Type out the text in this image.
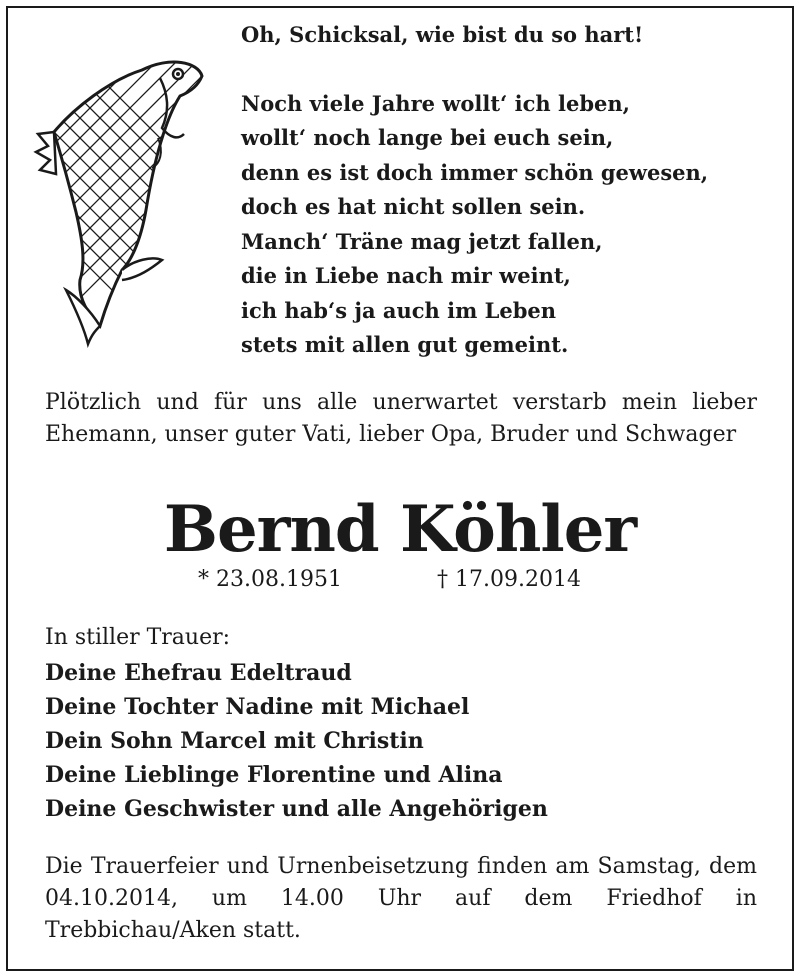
Oh, Schicksal, wie bist du so hart!
Noch viele Jahre wollt‘ ich leben,
wollt‘ noch lange bei euch sein,
denn es ist doch immer schön gewesen,
doch es hat nicht sollen sein.
Manch‘ Träne mag jetzt fallen,
die in Liebe nach mir weint,
ich hab‘s ja auch im Leben
stets mit allen gut gemeint.

Plötzlich und für uns alle unerwartet verstarb mein lieber Ehemann, unser guter Vati, lieber Opa, Bruder und Schwager

Bernd Köhler
* 23.08.1951	† 17.09.2014
In stiller Trauer:
Deine Ehefrau Edeltraud
Deine Tochter Nadine mit Michael
Dein Sohn Marcel mit Christin
Deine Lieblinge Florentine und Alina
Deine Geschwister und alle Angehörigen

Die Trauerfeier und Urnenbeisetzung finden am Samstag, dem 04.10.2014, um 14.00 Uhr auf dem Friedhof in Trebbichau/Aken statt.
